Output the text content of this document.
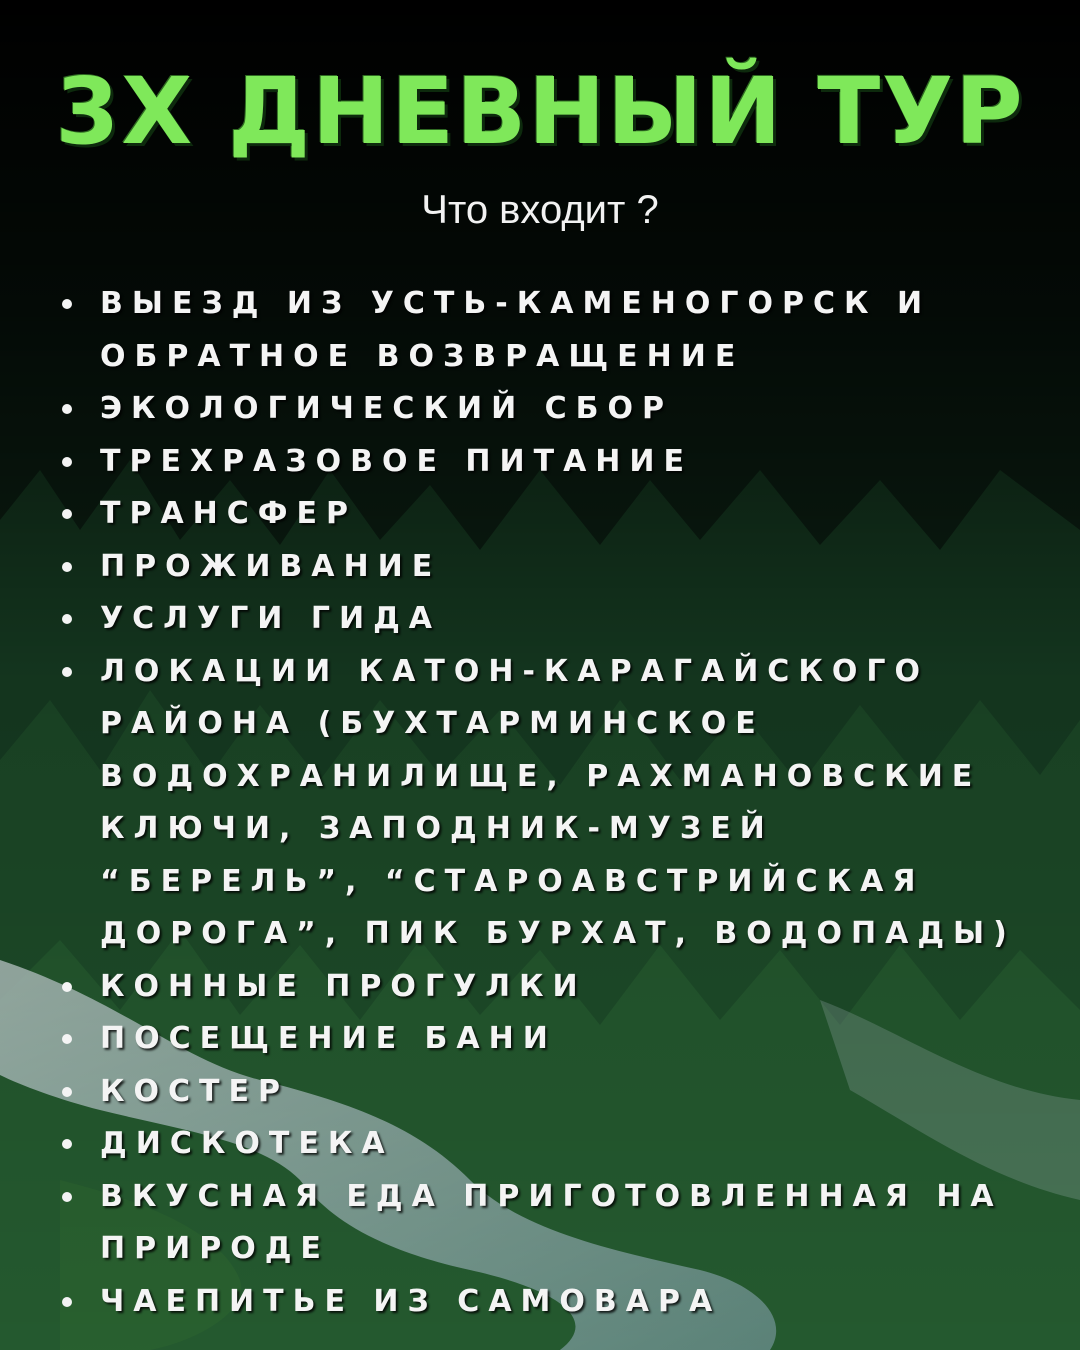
3Х ДНЕВНЫЙ ТУР
Что входит ?
ВЫЕЗД ИЗ УСТЬ-КАМЕНОГОРСК И ОБРАТНОЕ ВОЗВРАЩЕНИЕ
ЭКОЛОГИЧЕСКИЙ СБОР
ТРЕХРАЗОВОЕ ПИТАНИЕ
ТРАНСФЕР
ПРОЖИВАНИЕ
УСЛУГИ ГИДА
ЛОКАЦИИ КАТОН-КАРАГАЙСКОГО РАЙОНА (БУХТАРМИНСКОЕ ВОДОХРАНИЛИЩЕ, РАХМАНОВСКИЕ КЛЮЧИ, ЗАПОДНИК-МУЗЕЙ “БЕРЕЛЬ”, “СТАРОАВСТРИЙСКАЯ ДОРОГА”, ПИК БУРХАТ, ВОДОПАДЫ)
КОННЫЕ ПРОГУЛКИ
ПОСЕЩЕНИЕ БАНИ
КОСТЕР
ДИСКОТЕКА
ВКУСНАЯ ЕДА ПРИГОТОВЛЕННАЯ НА ПРИРОДЕ
ЧАЕПИТЬЕ ИЗ САМОВАРА
